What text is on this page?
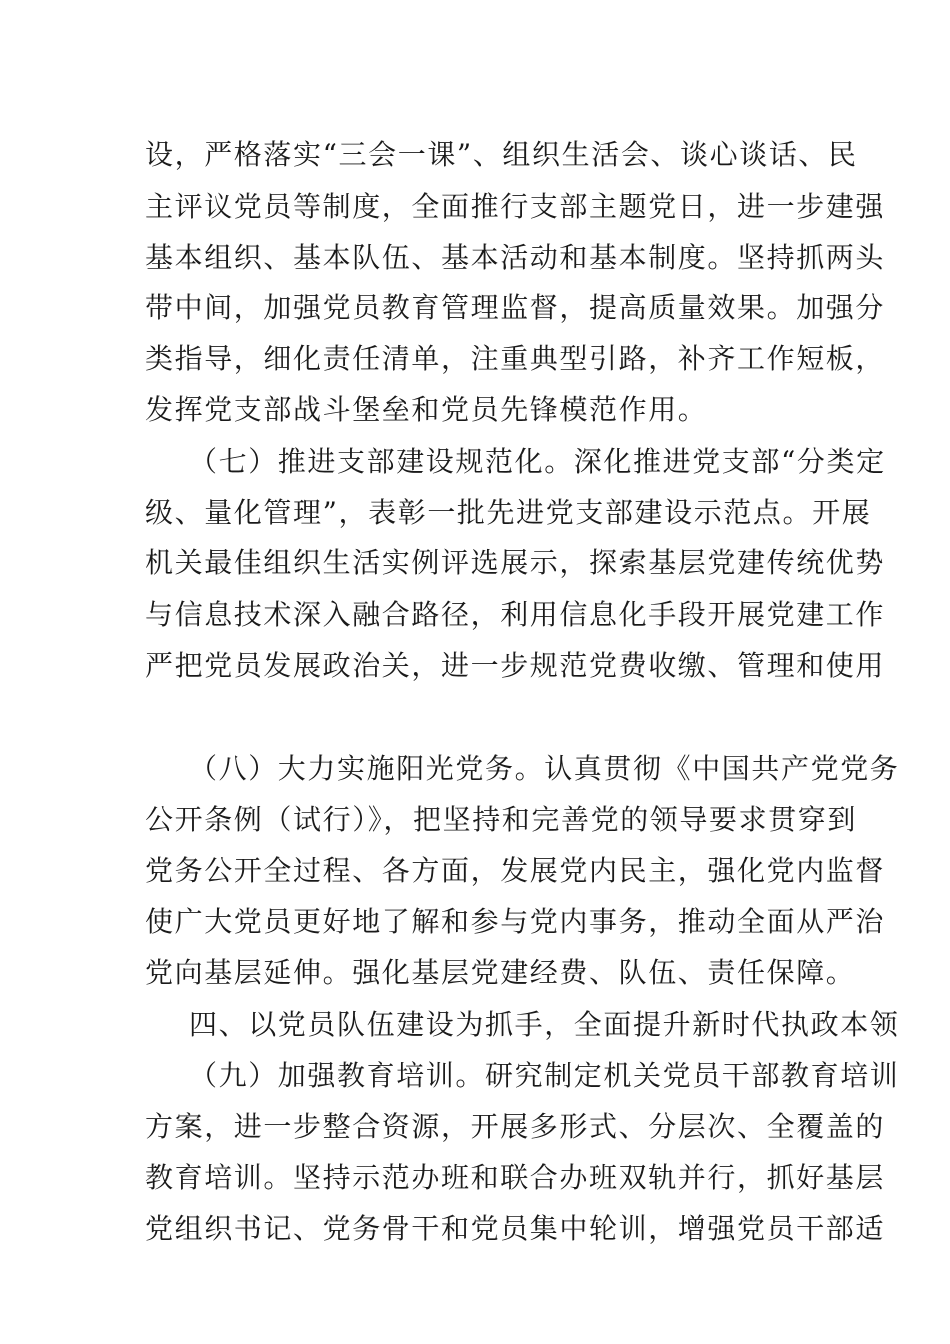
设，严格落实“三会一课”、组织生活会、谈心谈话、民
主评议党员等制度，全面推行支部主题党日，进一步建强
基本组织、基本队伍、基本活动和基本制度。坚持抓两头
带中间，加强党员教育管理监督，提高质量效果。加强分
类指导，细化责任清单，注重典型引路，补齐工作短板，
发挥党支部战斗堡垒和党员先锋模范作用。
（七）推进支部建设规范化。深化推进党支部“分类定
级、量化管理”，表彰一批先进党支部建设示范点。开展
机关最佳组织生活实例评选展示，探索基层党建传统优势
与信息技术深入融合路径，利用信息化手段开展党建工作
严把党员发展政治关，进一步规范党费收缴、管理和使用
（八）大力实施阳光党务。认真贯彻《中国共产党党务
公开条例（试行）》，把坚持和完善党的领导要求贯穿到
党务公开全过程、各方面，发展党内民主，强化党内监督
使广大党员更好地了解和参与党内事务，推动全面从严治
党向基层延伸。强化基层党建经费、队伍、责任保障。
四、以党员队伍建设为抓手，全面提升新时代执政本领
（九）加强教育培训。研究制定机关党员干部教育培训
方案，进一步整合资源，开展多形式、分层次、全覆盖的
教育培训。坚持示范办班和联合办班双轨并行，抓好基层
党组织书记、党务骨干和党员集中轮训，增强党员干部适
